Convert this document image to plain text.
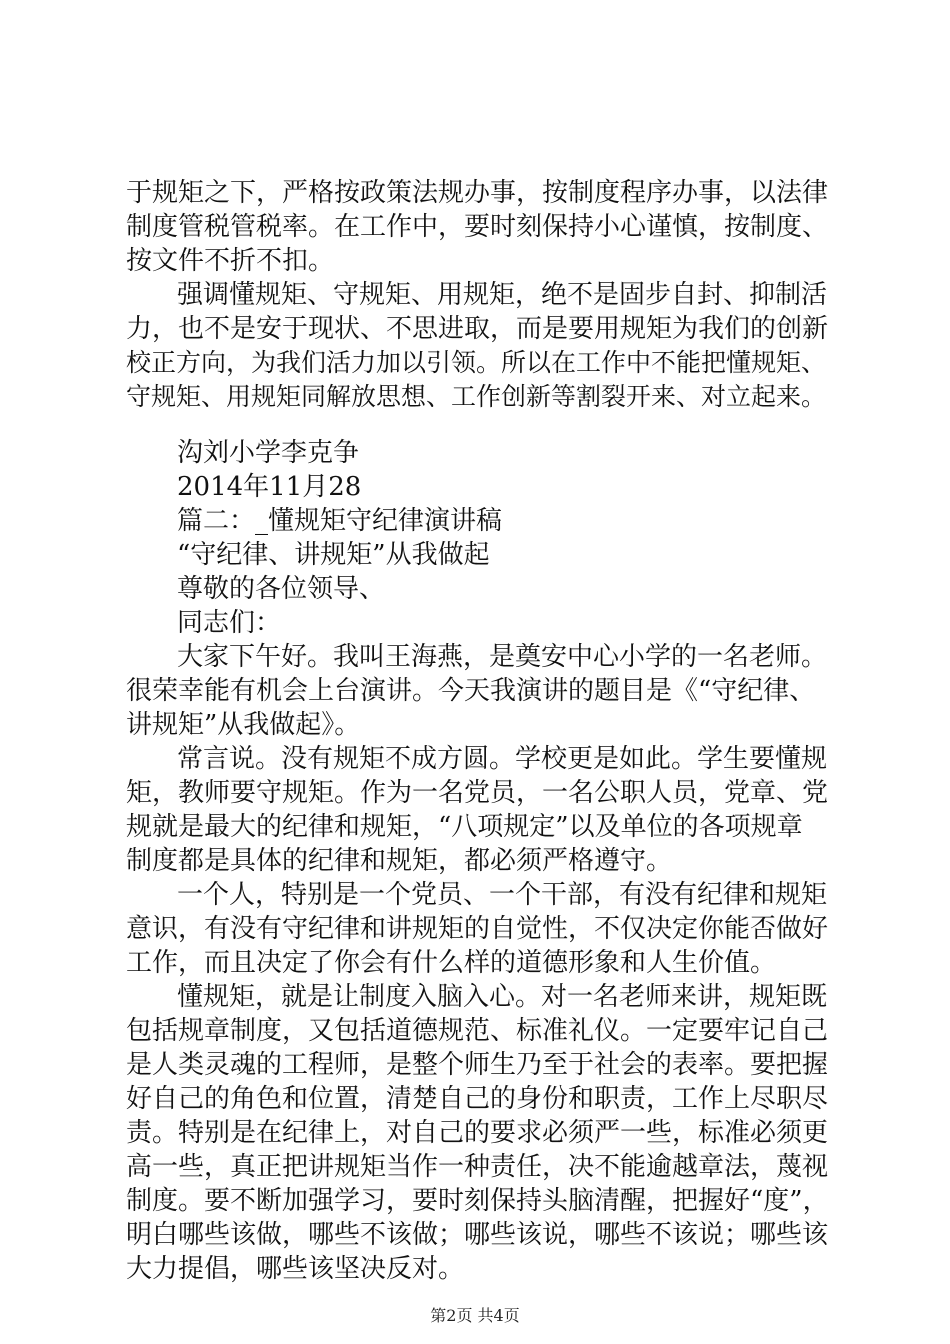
于规矩之下，严格按政策法规办事，按制度程序办事，以法律
制度管税管税率。在工作中，要时刻保持小心谨慎，按制度、
按文件不折不扣。
强调懂规矩、守规矩、用规矩，绝不是固步自封、抑制活
力，也不是安于现状、不思进取，而是要用规矩为我们的创新
校正方向，为我们活力加以引领。所以在工作中不能把懂规矩、
守规矩、用规矩同解放思想、工作创新等割裂开来、对立起来。
沟刘小学李克争
2014年11月28
篇二：_懂规矩守纪律演讲稿
“守纪律、讲规矩”从我做起
尊敬的各位领导、
同志们：
大家下午好。我叫王海燕，是奠安中心小学的一名老师。
很荣幸能有机会上台演讲。今天我演讲的题目是《“守纪律、
讲规矩”从我做起》。
常言说。没有规矩不成方圆。学校更是如此。学生要懂规
矩，教师要守规矩。作为一名党员，一名公职人员，党章、党
规就是最大的纪律和规矩，“八项规定”以及单位的各项规章
制度都是具体的纪律和规矩，都必须严格遵守。
一个人，特别是一个党员、一个干部，有没有纪律和规矩
意识，有没有守纪律和讲规矩的自觉性，不仅决定你能否做好
工作，而且决定了你会有什么样的道德形象和人生价值。
懂规矩，就是让制度入脑入心。对一名老师来讲，规矩既
包括规章制度，又包括道德规范、标准礼仪。一定要牢记自己
是人类灵魂的工程师，是整个师生乃至于社会的表率。要把握
好自己的角色和位置，清楚自己的身份和职责，工作上尽职尽
责。特别是在纪律上，对自己的要求必须严一些，标准必须更
高一些，真正把讲规矩当作一种责任，决不能逾越章法，蔑视
制度。要不断加强学习，要时刻保持头脑清醒，把握好“度”，
明白哪些该做，哪些不该做；哪些该说，哪些不该说；哪些该
大力提倡，哪些该坚决反对。
第2页 共4页
